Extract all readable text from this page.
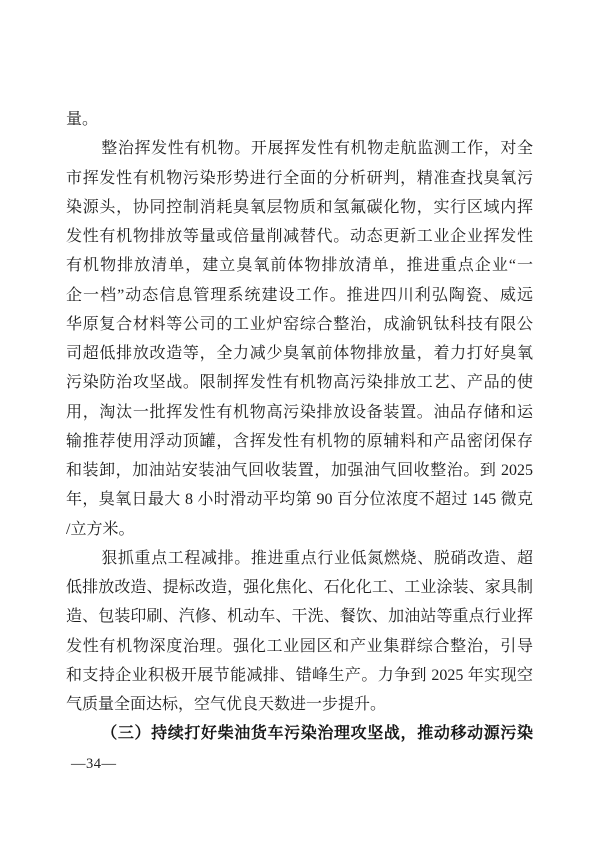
量。
整治挥发性有机物。开展挥发性有机物走航监测工作，对全
市挥发性有机物污染形势进行全面的分析研判，精准查找臭氧污
染源头，协同控制消耗臭氧层物质和氢氟碳化物，实行区域内挥
发性有机物排放等量或倍量削减替代。动态更新工业企业挥发性
有机物排放清单，建立臭氧前体物排放清单，推进重点企业“一
企一档”动态信息管理系统建设工作。推进四川利弘陶瓷、威远
华原复合材料等公司的工业炉窑综合整治，成渝钒钛科技有限公
司超低排放改造等，全力减少臭氧前体物排放量，着力打好臭氧
污染防治攻坚战。限制挥发性有机物高污染排放工艺、产品的使
用，淘汰一批挥发性有机物高污染排放设备装置。油品存储和运
输推荐使用浮动顶罐，含挥发性有机物的原辅料和产品密闭保存
和装卸，加油站安装油气回收装置，加强油气回收整治。到 2025
年，臭氧日最大 8 小时滑动平均第 90 百分位浓度不超过 145 微克
/立方米。
狠抓重点工程减排。推进重点行业低氮燃烧、脱硝改造、超
低排放改造、提标改造，强化焦化、石化化工、工业涂装、家具制
造、包装印刷、汽修、机动车、干洗、餐饮、加油站等重点行业挥
发性有机物深度治理。强化工业园区和产业集群综合整治，引导
和支持企业积极开展节能减排、错峰生产。力争到 2025 年实现空
气质量全面达标，空气优良天数进一步提升。
（三）持续打好柴油货车污染治理攻坚战，推动移动源污染
—34—
